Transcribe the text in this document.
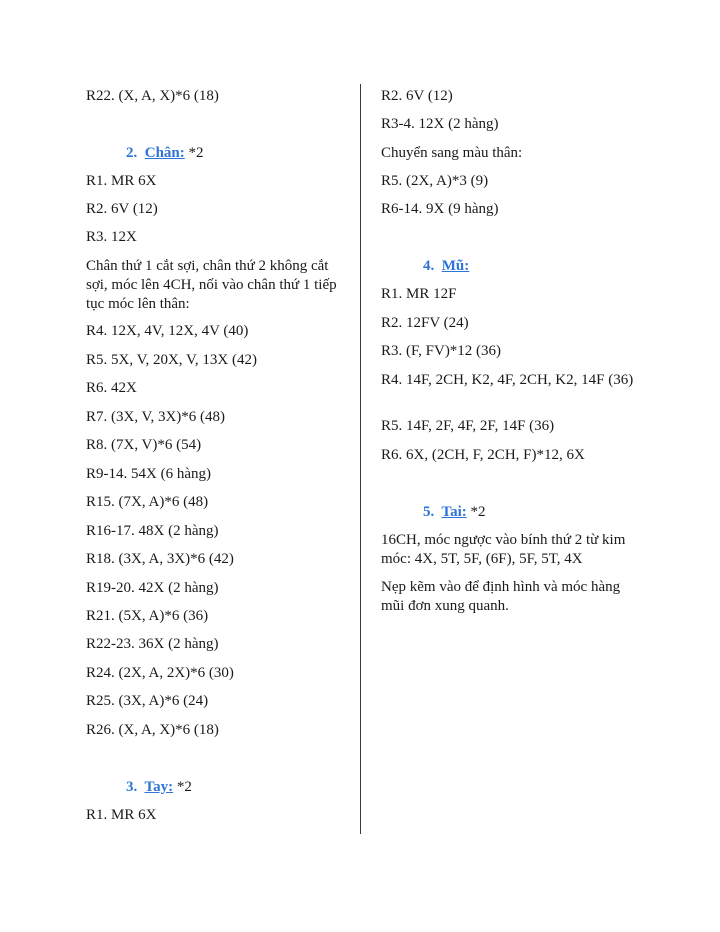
R22. (X, A, X)*6 (18)
2. Chân: *2
R1. MR 6X
R2. 6V (12)
R3. 12X
Chân thứ 1 cắt sợi, chân thứ 2 không cắt sợi, móc lên 4CH, nối vào chân thứ 1 tiếp tục móc lên thân:
R4. 12X, 4V, 12X, 4V (40)
R5. 5X, V, 20X, V, 13X (42)
R6. 42X
R7. (3X, V, 3X)*6 (48)
R8. (7X, V)*6 (54)
R9-14. 54X (6 hàng)
R15. (7X, A)*6 (48)
R16-17. 48X (2 hàng)
R18. (3X, A, 3X)*6 (42)
R19-20. 42X (2 hàng)
R21. (5X, A)*6 (36)
R22-23. 36X (2 hàng)
R24. (2X, A, 2X)*6 (30)
R25. (3X, A)*6 (24)
R26. (X, A, X)*6 (18)
3. Tay: *2
R1. MR 6X
R2. 6V (12)
R3-4. 12X (2 hàng)
Chuyển sang màu thân:
R5. (2X, A)*3 (9)
R6-14. 9X (9 hàng)
4. Mũ:
R1. MR 12F
R2. 12FV (24)
R3. (F, FV)*12 (36)
R4. 14F, 2CH, K2, 4F, 2CH, K2, 14F (36)
R5. 14F, 2F, 4F, 2F, 14F (36)
R6. 6X, (2CH, F, 2CH, F)*12, 6X
5. Tai: *2
16CH, móc ngược vào bính thứ 2 từ kim móc: 4X, 5T, 5F, (6F), 5F, 5T, 4X
Nẹp kẽm vào để định hình và móc hàng mũi đơn xung quanh.
